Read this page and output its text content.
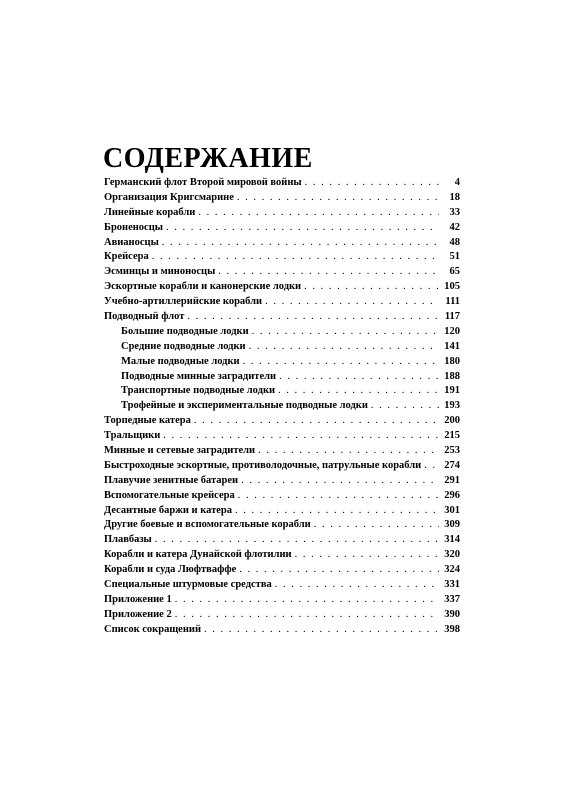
СОДЕРЖАНИЕ
Германский флот Второй мировой войны . . .	4
Организация Кригсмарине . . .	18
Линейные корабли . . .	33
Броненосцы . . .	42
Авианосцы . . .	48
Крейсера . . .	51
Эсминцы и миноносцы . . .	65
Эскортные корабли и канонерские лодки . . .	105
Учебно-артиллерийские корабли . . .	111
Подводный флот . . .	117
Большие подводные лодки . . .	120
Средние подводные лодки . . .	141
Малые подводные лодки . . .	180
Подводные минные заградители . . .	188
Транспортные подводные лодки . . .	191
Трофейные и экспериментальные подводные лодки . . .	193
Торпедные катера . . .	200
Тральщики . . .	215
Минные и сетевые заградители . . .	253
Быстроходные эскортные, противолодочные, патрульные корабли . . . 274
Плавучие зенитные батареи . . .	291
Вспомогательные крейсера . . .	296
Десантные баржи и катера . . .	301
Другие боевые и вспомогательные корабли . . .	309
Плавбазы . . .	314
Корабли и катера Дунайской флотилии . . .	320
Корабли и суда Люфтваффе . . .	324
Специальные штурмовые средства . . .	331
Приложение 1 . . .	337
Приложение 2 . . .	390
Список сокращений . . .	398
